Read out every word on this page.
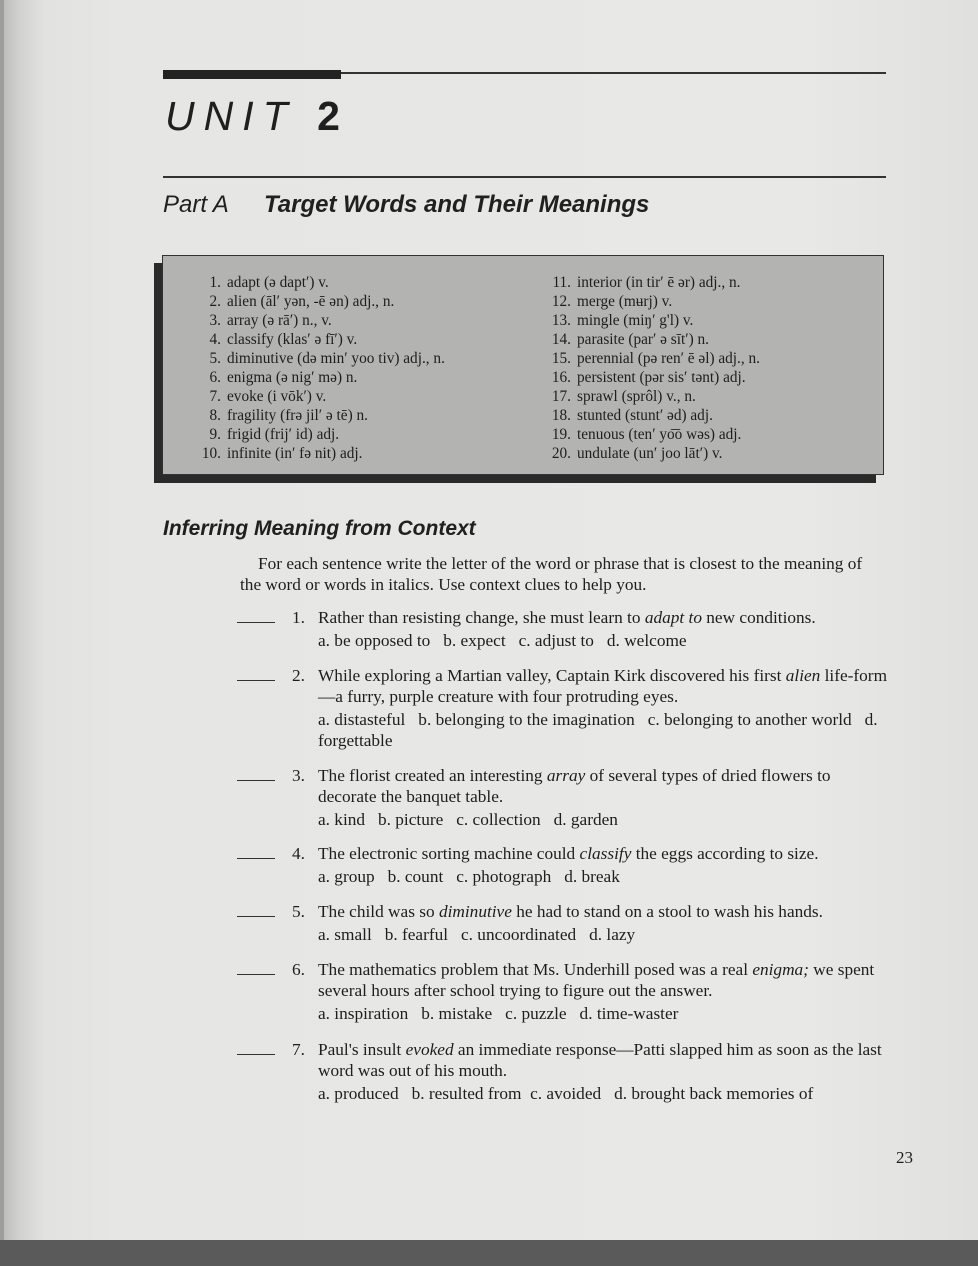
UNIT 2
Part A Target Words and Their Meanings
1. adapt (ə dapt′) v.
2. alien (āl′ yən, -ē ən) adj., n.
3. array (ə rā′) n., v.
4. classify (klas′ ə fī′) v.
5. diminutive (də min′ yoo tiv) adj., n.
6. enigma (ə nig′ mə) n.
7. evoke (i vōk′) v.
8. fragility (frə jil′ ə tē) n.
9. frigid (frij′ id) adj.
10. infinite (in′ fə nit) adj.
11. interior (in tir′ ē ər) adj., n.
12. merge (mʉrj) v.
13. mingle (miŋ′ g'l) v.
14. parasite (par′ ə sīt′) n.
15. perennial (pə ren′ ē əl) adj., n.
16. persistent (pər sis′ tənt) adj.
17. sprawl (sprôl) v., n.
18. stunted (stunt′ əd) adj.
19. tenuous (ten′ yo͞o wəs) adj.
20. undulate (un′ joo lāt′) v.
Inferring Meaning from Context
For each sentence write the letter of the word or phrase that is closest to the meaning of the word or words in italics. Use context clues to help you.
1. Rather than resisting change, she must learn to adapt to new conditions.
a. be opposed to   b. expect   c. adjust to   d. welcome
2. While exploring a Martian valley, Captain Kirk discovered his first alien life-form—a furry, purple creature with four protruding eyes.
a. distasteful   b. belonging to the imagination   c. belonging to another world   d. forgettable
3. The florist created an interesting array of several types of dried flowers to decorate the banquet table.
a. kind   b. picture   c. collection   d. garden
4. The electronic sorting machine could classify the eggs according to size.
a. group   b. count   c. photograph   d. break
5. The child was so diminutive he had to stand on a stool to wash his hands.
a. small   b. fearful   c. uncoordinated   d. lazy
6. The mathematics problem that Ms. Underhill posed was a real enigma; we spent several hours after school trying to figure out the answer.
a. inspiration   b. mistake   c. puzzle   d. time-waster
7. Paul's insult evoked an immediate response—Patti slapped him as soon as the last word was out of his mouth.
a. produced   b. resulted from  c. avoided   d. brought back memories of
23
